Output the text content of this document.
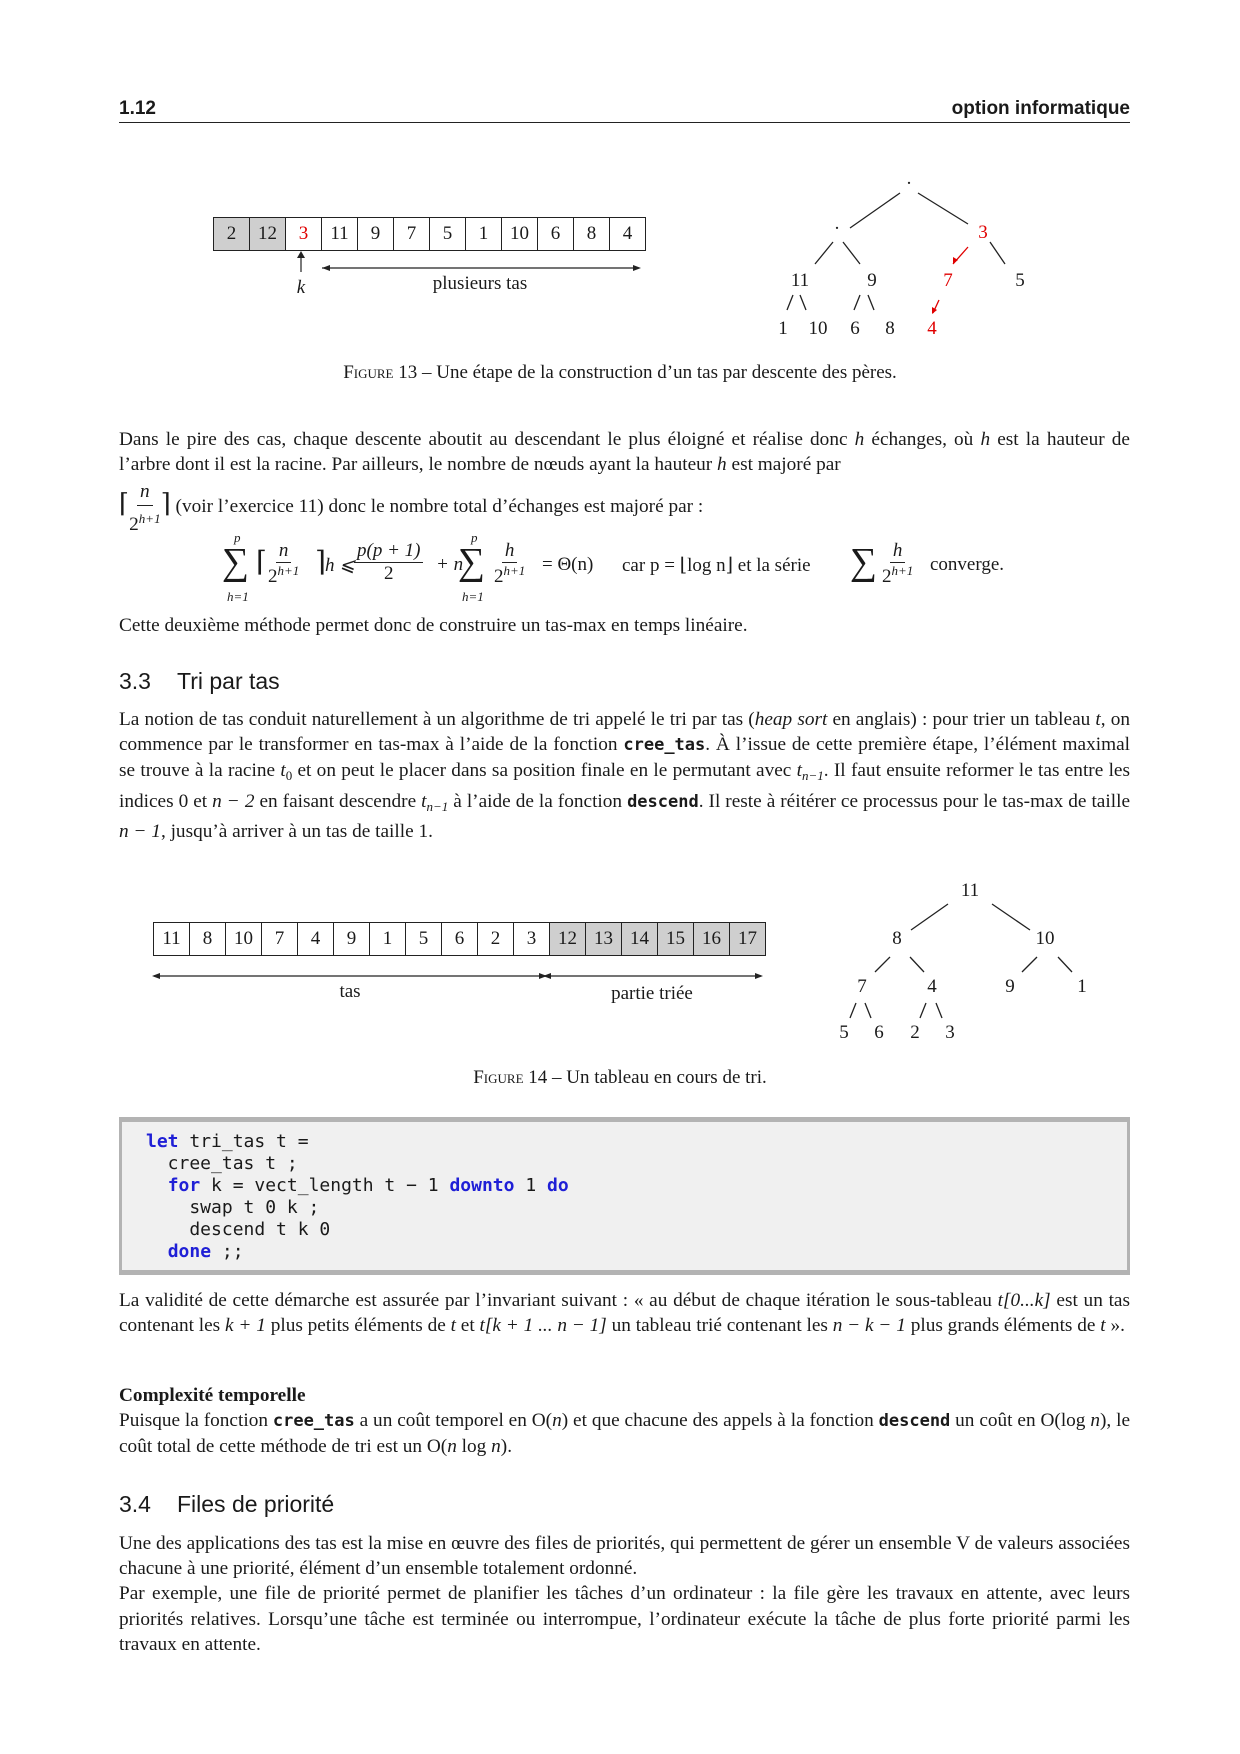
1.12	option informatique
2	12	3	11	9	7	5	1	10	6	8	4
k	plusieurs tas
.
.	3
11	9	7	5
1	10	6	8	4
Figure 13 – Une étape de la construction d’un tas par descente des pères.

Dans le pire des cas, chaque descente aboutit au descendant le plus éloigné et réalise donc h échanges, où h est la hauteur de l’arbre dont il est la racine. Par ailleurs, le nombre de nœuds ayant la hauteur h est majoré par

⌈ $\frac{n}{2^{h+1}}$ ⌉ (voir l’exercice 11) donc le nombre total d’échanges est majoré par :

p
∑
h=1
⌈ $\frac{n}{2^{h+1}}$ ⌉ h ⩽
$\frac{p(p + 1)}{2} + n$
p
∑
h=1
$\frac{h}{2^{h+1}} = \Theta(n)$ car p = ⌊log n⌋ et la série ∑ $\frac{h}{2^{h+1}}$ converge.
Cette deuxième méthode permet donc de construire un tas-max en temps linéaire.
3.3 Tri par tas
La notion de tas conduit naturellement à un algorithme de tri appelé le tri par tas (heap sort en anglais) : pour trier un tableau t, on commence par le transformer en tas-max à l’aide de la fonction cree_tas. À l’issue de cette première étape, l’élément maximal se trouve à la racine $t_0$ et on peut le placer dans sa position finale en le permutant avec $t_{n-1}$. Il faut ensuite reformer le tas entre les indices 0 et n − 2 en faisant descendre $t_{n-1}$ à l’aide de la fonction descend. Il reste à réitérer ce processus pour le tas-max de taille n − 1, jusqu’à arriver à un tas de taille 1.
11	8	10	7	4	9	1	5	6	2	3	12 13 14 15 16 17
tas	partie triée
11
8	10
7	4	9	1
5	6	2	3
Figure 14 – Un tableau en cours de tri.
let tri_tas t =
cree_tas t ;
for k = vect_length t − 1 downto 1 do
swap t 0 k ;
descend t k 0
done ;;
La validité de cette démarche est assurée par l’invariant suivant : « au début de chaque itération le sous-tableau t[0...k] est un tas contenant les k + 1 plus petits éléments de t et t[k + 1 ... n − 1] un tableau trié contenant les n − k − 1 plus grands éléments de t ».

Complexité temporelle

Puisque la fonction cree_tas a un coût temporel en O(n) et que chacune des appels à la fonction descend un coût en O(log n), le coût total de cette méthode de tri est un O(n log n).

3.4 Files de priorité

Une des applications des tas est la mise en œuvre des files de priorités, qui permettent de gérer un ensemble V de valeurs associées chacune à une priorité, élément d’un ensemble totalement ordonné.

Par exemple, une file de priorité permet de planifier les tâches d’un ordinateur : la file gère les travaux en attente, avec leurs priorités relatives. Lorsqu’une tâche est terminée ou interrompue, l’ordinateur exécute la tâche de plus forte priorité parmi les travaux en attente.
